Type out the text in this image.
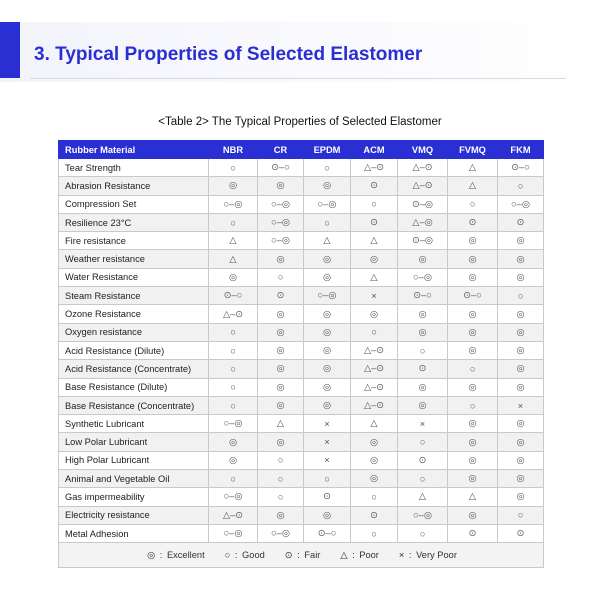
3. Typical Properties of Selected Elastomer
<Table 2> The Typical Properties of Selected Elastomer
Rubber Material	NBR	CR	EPDM	ACM	VMQ	FVMQ	FKM
Tear Strength	○	⊙–○	○	△–⊙	△–⊙	△	⊙–○
Abrasion Resistance	◎	◎	◎	⊙	△–⊙	△	○
Compression Set	○–◎	○–◎	○–◎	○	⊙–◎	○	○–◎
Resilience 23°C	○	○–◎	○	⊙	△–◎	⊙	⊙
Fire resistance	△	○–◎	△	△	⊙–◎	◎	◎
Weather resistance	△	◎	◎	◎	◎	◎	◎
Water Resistance	◎	○	◎	△	○–◎	◎	◎
Steam Resistance	⊙–○	⊙	○–◎	×	⊙–○	⊙–○	○
Ozone Resistance	△–⊙	◎	◎	◎	◎	◎	◎
Oxygen resistance	○	◎	◎	○	◎	◎	◎
Acid Resistance (Dilute)	○	◎	◎	△–⊙	○	◎	◎
Acid Resistance (Concentrate)	○	◎	◎	△–⊙	⊙	○	◎
Base Resistance (Dilute)	○	◎	◎	△–⊙	◎	◎	◎
Base Resistance (Concentrate)	○	◎	◎	△–⊙	◎	○	×
Synthetic Lubricant	○–◎	△	×	△	×	◎	◎
Low Polar Lubricant	◎	◎	×	◎	○	◎	◎
High Polar Lubricant	◎	○	×	◎	⊙	◎	◎
Animal and Vegetable Oil	○	○	○	◎	○	◎	◎
Gas impermeability	○–◎	○	⊙	○	△	△	◎
Electricity resistance	△–⊙	◎	◎	⊙	○–◎	◎	○
Metal Adhesion	○–◎	○–◎	⊙–○	○	○	⊙	⊙
◎ : Excellent ○ : Good ⊙ : Fair △ : Poor × : Very Poor							
